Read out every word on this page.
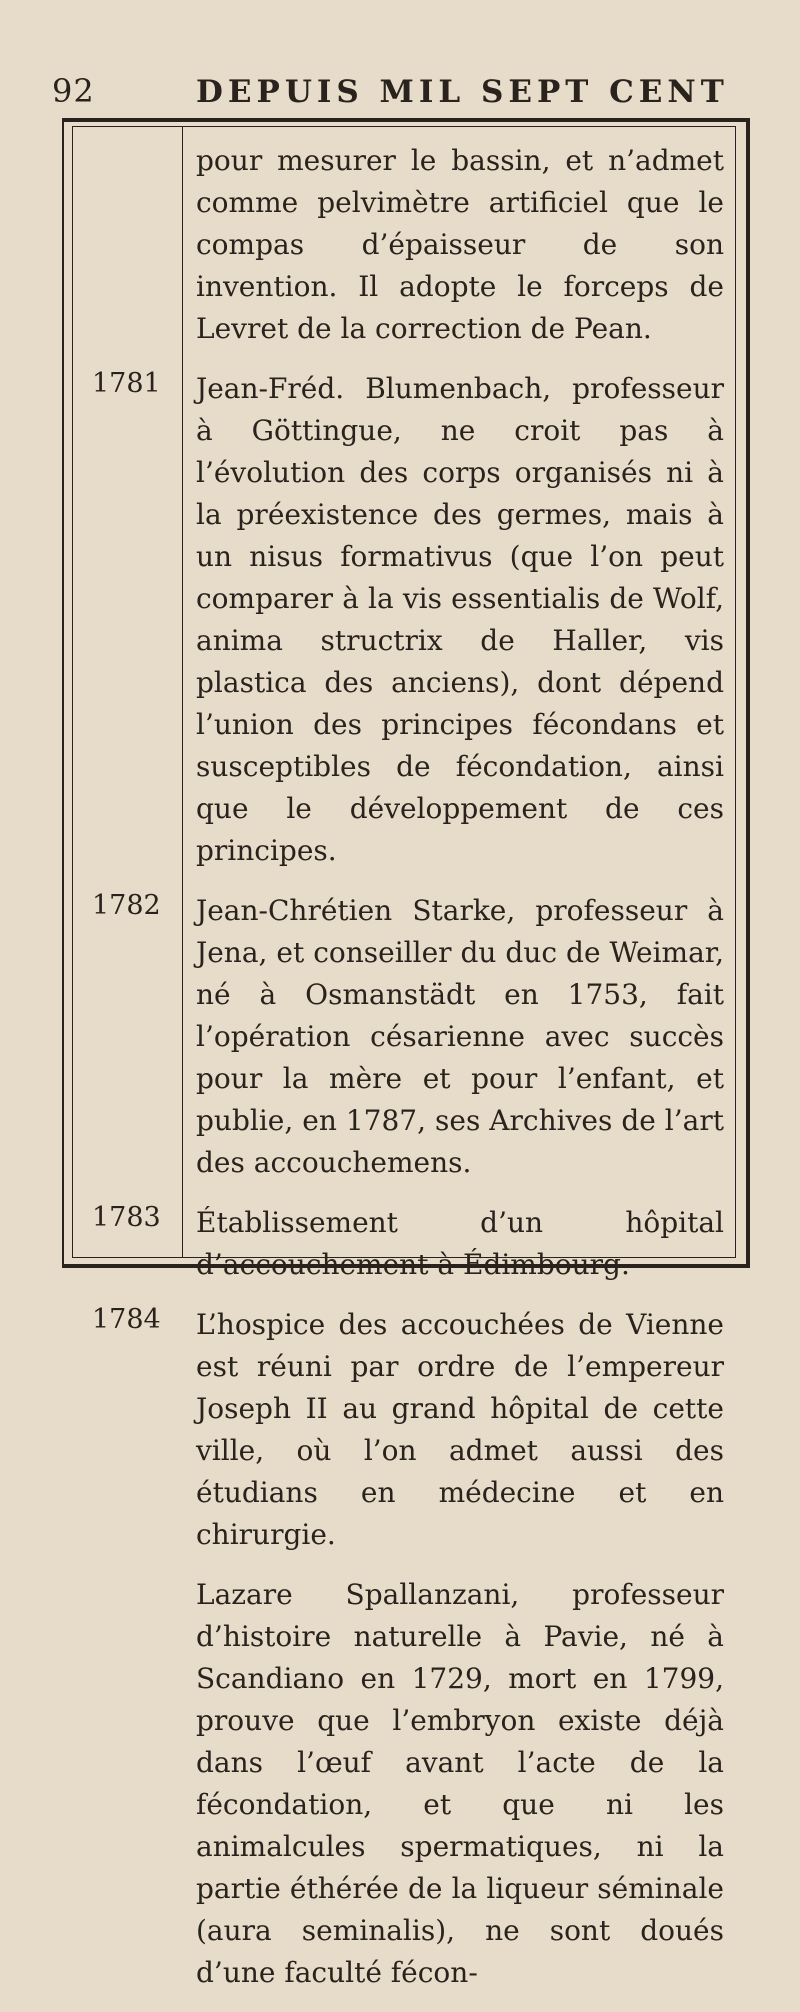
92	DEPUIS MIL SEPT CENT

pour mesurer le bassin, et n’admet comme pelvimètre artificiel que le compas d’épaisseur de son invention. Il adopte le forceps de Levret de la correction de Pean.

1781	Jean-Fréd. Blumenbach, professeur à Göttingue, ne croit pas à l’évolution des corps organisés ni à la préexistence des germes, mais à un nisus formativus (que l’on peut comparer à la vis essentialis de Wolf, anima structrix de Haller, vis plastica des anciens), dont dépend l’union des principes fécondans et susceptibles de fécondation, ainsi que le développement de ces principes.

1782	Jean-Chrétien Starke, professeur à Jena, et conseiller du duc de Weimar, né à Osmanstädt en 1753, fait l’opération césarienne avec succès pour la mère et pour l’enfant, et publie, en 1787, ses Archives de l’art des accouchemens.

1783	Établissement d’un hôpital d’accouchement à Édimbourg.

1784	L’hospice des accouchées de Vienne est réuni par ordre de l’empereur Joseph II au grand hôpital de cette ville, où l’on admet aussi des étudians en médecine et en chirurgie.

Lazare Spallanzani, professeur d’histoire naturelle à Pavie, né à Scandiano en 1729, mort en 1799, prouve que l’embryon existe déjà dans l’œuf avant l’acte de la fécondation, et que ni les animalcules spermatiques, ni la partie éthérée de la liqueur séminale (aura seminalis), ne sont doués d’une faculté fécon-
